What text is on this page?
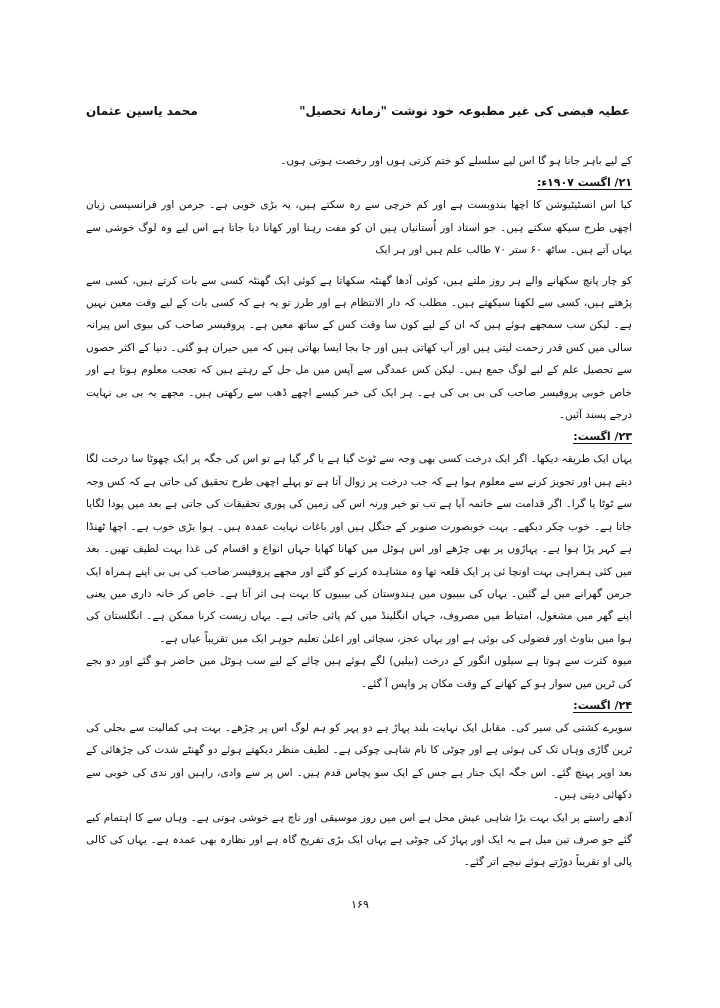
عطیہ فیضی کی غیر مطبوعہ خود نوشت "زمانۂ تحصیل"
محمد یاسین عثمان

کے لیے باہر جانا ہو گا اس لیے سلسلے کو ختم کرتی ہوں اور رخصت ہوتی ہوں۔

۲۱/ اگست ۱۹۰۷ء:

کیا اس انسٹیٹیوشن کا اچھا بندوبست ہے اور کم خرچی سے رہ سکتے ہیں، یہ بڑی خوبی ہے۔ جرمن اور فرانسیسی زبان اچھی طرح سیکھ سکتے ہیں۔ جو استاد اور اُستانیاں ہیں ان کو مفت رہنا اور کھانا دیا جاتا ہے اس لیے وہ لوگ خوشی سے یہاں آتے ہیں۔ ساٹھ ۶۰ ستر ۷۰ طالب علم ہیں اور ہر ایک

کو چار پانچ سکھانے والے ہر روز ملتے ہیں، کوئی آدھا گھنٹہ سکھاتا ہے کوئی ایک گھنٹہ کسی سے بات کرتے ہیں، کسی سے پڑھتے ہیں، کسی سے لکھنا سیکھتے ہیں۔ مطلب کہ دار الانتظام ہے اور طرز تو یہ ہے کہ کسی بات کے لیے وقت معین نہیں ہے۔ لیکن سب سمجھے ہوئے ہیں کہ ان کے لیے کون سا وقت کس کے ساتھ معین ہے۔ پروفیسر صاحب کی بیوی اس پیرانہ سالی میں کس قدر زحمت لیتی ہیں اور آپ کھاتی ہیں اور جا بجا ایسا بھاتی ہیں کہ میں حیران ہو گئی۔ دنیا کے اکثر حصوں سے تحصیل علم کے لیے لوگ جمع ہیں۔ لیکن کس عمدگی سے آپس میں مل جل کے رہتے ہیں کہ تعجب معلوم ہوتا ہے اور خاص خوبی پروفیسر صاحب کی بی بی کی ہے۔ ہر ایک کی خبر کیسے اچھے ڈھب سے رکھتی ہیں۔ مجھے یہ بی بی نہایت درجے پسند آئیں۔

۲۳/ اگست:

یہاں ایک طریقہ دیکھا۔ اگر ایک درخت کسی بھی وجہ سے ٹوٹ گیا ہے یا گر گیا ہے تو اس کی جگہ پر ایک چھوٹا سا درخت لگا دیتے ہیں اور تجویز کرنے سے معلوم ہوا ہے کہ جب درخت پر زوال آتا ہے تو پہلے اچھی طرح تحقیق کی جاتی ہے کہ کس وجہ سے ٹوٹا یا گرا۔ اگر قدامت سے خاتمہ آیا ہے تب تو خیر ورنہ اس کی زمین کی پوری تحقیقات کی جاتی ہے بعد میں پودا لگایا جاتا ہے۔ خوب چکر دیکھے۔ بہت خوبصورت صنوبر کے جنگل ہیں اور باغات نہایت عمدہ ہیں۔ ہوا بڑی خوب ہے۔ اچھا ٹھنڈا ہے کہر پڑا ہوا ہے۔ پہاڑوں پر بھی چڑھے اور اس ہوٹل میں کھانا کھایا جہاں انواع و اقسام کی غذا بہت لطیف تھیں۔ بعد میں کئی ہمراہی بہت اونچا ئی پر ایک قلعہ تھا وہ مشاہدہ کرنے کو گئے اور مجھے پروفیسر صاحب کی بی بی اپنے ہمراہ ایک جرمن گھرانے میں لے گئیں۔ یہاں کی بیبیوں میں ہندوستان کی بیبیوں کا بہت ہی اثر آتا ہے۔ خاص کر خانہ داری میں یعنی اپنے گھر میں مشغول، امتیاط میں مصروف، جہاں انگلینڈ میں کم پائی جاتی ہے۔ یہاں زیست کرنا ممکن ہے۔ انگلستان کی ہوا میں بناوٹ اور فضولی کی بوئی ہے اور یہاں عجز، سچائی اور اعلیٰ تعلیم جوہر ایک میں تقریباً عیاں ہے۔

میوہ کثرت سے ہوتا ہے سیلوں انگور کے درخت (بیلیں) لگے ہوئے ہیں چائے کے لیے سب ہوٹل میں حاضر ہو گئے اور دو بجے کی ٹرین میں سوار ہو کے کھانے کے وقت مکان پر واپس آ گئے۔

۲۴/ اگست:

سویرے کشتی کی سیر کی۔ مقابل ایک نہایت بلند پہاڑ ہے دو پہر کو ہم لوگ اس پر چڑھے۔ بہت ہی کمالیت سے بجلی کی ٹرین گاڑی وہاں تک کی ہوئی ہے اور چوٹی کا نام شاہی چوکی ہے۔ لطیف منظر دیکھتے ہوئے دو گھنٹے شدت کی چڑھائی کے بعد اوپر پہنچ گئے۔ اس جگہ ایک جنار ہے جس کے ایک سو پچاس قدم ہیں۔ اس پر سے وادی، راہیں اور ندی کی خوبی سے دکھائی دیتی ہیں۔

آدھے راستے پر ایک بہت بڑا شاہی عیش محل ہے اس میں روز موسیقی اور ناچ ہے خوشی ہوتی ہے۔ وہاں سے کا اہتمام کیے گئے جو صرف تین میل ہے یہ ایک اور پہاڑ کی چوٹی ہے یہاں ایک بڑی تفریح گاہ ہے اور نظارہ بھی عمدہ ہے۔ یہاں کی کالی پالی او تقریباً دوڑتے ہوئے نیچے اتر گئے۔

۱۶۹
